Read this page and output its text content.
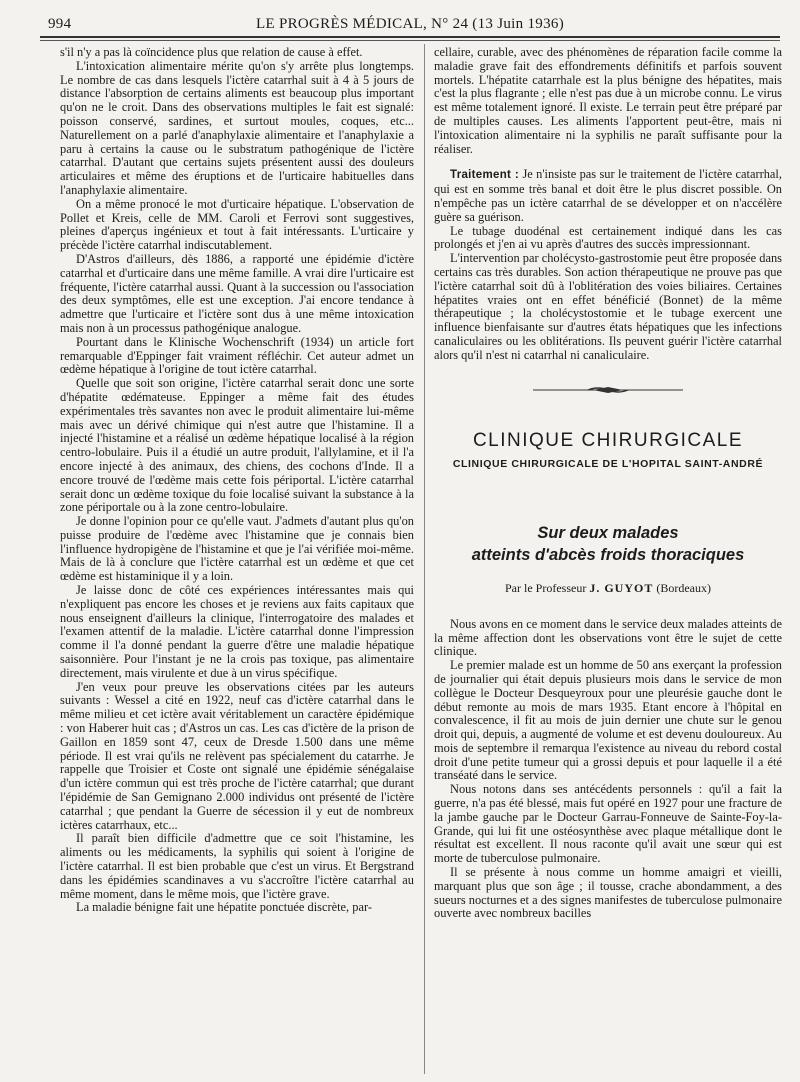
994	LE PROGRÈS MÉDICAL, N° 24 (13 Juin 1936)

s'il n'y a pas là coïncidence plus que relation de cause à effet.

L'intoxication alimentaire mérite qu'on s'y arrête plus longtemps. Le nombre de cas dans lesquels l'ictère catarrhal suit à 4 à 5 jours de distance l'absorption de certains aliments est beaucoup plus important qu'on ne le croit. Dans des observations multiples le fait est signalé: poisson conservé, sardines, et surtout moules, coques, etc... Naturellement on a parlé d'anaphylaxie alimentaire et l'anaphylaxie a paru à certains la cause ou le substratum pathogénique de l'ictère catarrhal. D'autant que certains sujets présentent aussi des douleurs articulaires et même des éruptions et de l'urticaire habituelles dans l'anaphylaxie alimentaire.

On a même pronocé le mot d'urticaire hépatique. L'observation de Pollet et Kreis, celle de MM. Caroli et Ferrovi sont suggestives, pleines d'aperçus ingénieux et tout à fait intéressants. L'urticaire y précède l'ictère catarrhal indiscutablement.

D'Astros d'ailleurs, dès 1886, a rapporté une épidémie d'ictère catarrhal et d'urticaire dans une même famille. A vrai dire l'urticaire est fréquente, l'ictère catarrhal aussi. Quant à la succession ou l'association des deux symptômes, elle est une exception. J'ai encore tendance à admettre que l'urticaire et l'ictère sont dus à une même intoxication mais non à un processus pathogénique analogue.

Pourtant dans le Klinische Wochenschrift (1934) un article fort remarquable d'Eppinger fait vraiment réfléchir. Cet auteur admet un œdème hépatique à l'origine de tout ictère catarrhal.

Quelle que soit son origine, l'ictère catarrhal serait donc une sorte d'hépatite œdémateuse. Eppinger a même fait des études expérimentales très savantes non avec le produit alimentaire lui-même mais avec un dérivé chimique qui n'est autre que l'histamine. Il a injecté l'histamine et a réalisé un œdème hépatique localisé à la région centro-lobulaire. Puis il a étudié un autre produit, l'allylamine, et il l'a encore injecté à des animaux, des chiens, des cochons d'Inde. Il a encore trouvé de l'œdème mais cette fois périportal. L'ictère catarrhal serait donc un œdème toxique du foie localisé suivant la substance à la zone périportale ou à la zone centro-lobulaire.

Je donne l'opinion pour ce qu'elle vaut. J'admets d'autant plus qu'on puisse produire de l'œdème avec l'histamine que je connais bien l'influence hydropigène de l'histamine et que je l'ai vérifiée moi-même. Mais de là à conclure que l'ictère catarrhal est un œdème et que cet œdème est histaminique il y a loin.

Je laisse donc de côté ces expériences intéressantes mais qui n'expliquent pas encore les choses et je reviens aux faits capitaux que nous enseignent d'ailleurs la clinique, l'interrogatoire des malades et l'examen attentif de la maladie. L'ictère catarrhal donne l'impression comme il l'a donné pendant la guerre d'être une maladie hépatique saisonnière. Pour l'instant je ne la crois pas toxique, pas alimentaire directement, mais virulente et due à un virus spécifique.

J'en veux pour preuve les observations citées par les auteurs suivants : Wessel a cité en 1922, neuf cas d'ictère catarrhal dans le même milieu et cet ictère avait véritablement un caractère épidémique : von Haberer huit cas ; d'Astros un cas. Les cas d'ictère de la prison de Gaillon en 1859 sont 47, ceux de Dresde 1.500 dans une même période. Il est vrai qu'ils ne relèvent pas spécialement du catarrhe. Je rappelle que Troisier et Coste ont signalé une épidémie sénégalaise d'un ictère commun qui est très proche de l'ictère catarrhal; que durant l'épidémie de San Gemignano 2.000 individus ont présenté de l'ictère catarrhal ; que pendant la Guerre de sécession il y eut de nombreux ictères catarrhaux, etc...

Il paraît bien difficile d'admettre que ce soit l'histamine, les aliments ou les médicaments, la syphilis qui soient à l'origine de l'ictère catarrhal. Il est bien probable que c'est un virus. Et Bergstrand dans les épidémies scandinaves a vu s'accroître l'ictère catarrhal au même moment, dans le même mois, que l'ictère grave.

La maladie bénigne fait une hépatite ponctuée discrète, par-

cellaire, curable, avec des phénomènes de réparation facile comme la maladie grave fait des effondrements définitifs et parfois souvent mortels. L'hépatite catarrhale est la plus bénigne des hépatites, mais c'est la plus flagrante ; elle n'est pas due à un microbe connu. Le virus est même totalement ignoré. Il existe. Le terrain peut être préparé par de multiples causes. Les aliments l'apportent peut-être, mais ni l'intoxication alimentaire ni la syphilis ne paraît suffisante pour la réaliser.

Traitement : Je n'insiste pas sur le traitement de l'ictère catarrhal, qui est en somme très banal et doit être le plus discret possible. On n'empêche pas un ictère catarrhal de se développer et on n'accélère guère sa guérison.

Le tubage duodénal est certainement indiqué dans les cas prolongés et j'en ai vu après d'autres des succès impressionnant.

L'intervention par cholécysto-gastrostomie peut être proposée dans certains cas très durables. Son action thérapeutique ne prouve pas que l'ictère catarrhal soit dû à l'oblitération des voies biliaires. Certaines hépatites vraies ont en effet bénéficié (Bonnet) de la même thérapeutique ; la cholécystostomie et le tubage exercent une influence bienfaisante sur d'autres états hépatiques que les infections canaliculaires ou les oblitérations. Ils peuvent guérir l'ictère catarrhal alors qu'il n'est ni catarrhal ni canaliculaire.

CLINIQUE CHIRURGICALE
CLINIQUE CHIRURGICALE DE L'HOPITAL SAINT-ANDRÉ
Sur deux malades
atteints d'abcès froids thoraciques
Par le Professeur J. GUYOT (Bordeaux)

Nous avons en ce moment dans le service deux malades atteints de la même affection dont les observations vont être le sujet de cette clinique.

Le premier malade est un homme de 50 ans exerçant la profession de journalier qui était depuis plusieurs mois dans le service de mon collègue le Docteur Desqueyroux pour une pleurésie gauche dont le début remonte au mois de mars 1935. Etant encore à l'hôpital en convalescence, il fit au mois de juin dernier une chute sur le genou droit qui, depuis, a augmenté de volume et est devenu douloureux. Au mois de septembre il remarqua l'existence au niveau du rebord costal droit d'une petite tumeur qui a grossi depuis et pour laquelle il a été transéaté dans le service.

Nous notons dans ses antécédents personnels : qu'il a fait la guerre, n'a pas été blessé, mais fut opéré en 1927 pour une fracture de la jambe gauche par le Docteur Garrau-Fonneuve de Sainte-Foy-la-Grande, qui lui fit une ostéosynthèse avec plaque métallique dont le résultat est excellent. Il nous raconte qu'il avait une sœur qui est morte de tuberculose pulmonaire.

Il se présente à nous comme un homme amaigri et vieilli, marquant plus que son âge ; il tousse, crache abondamment, a des sueurs nocturnes et a des signes manifestes de tuberculose pulmonaire ouverte avec nombreux bacilles
